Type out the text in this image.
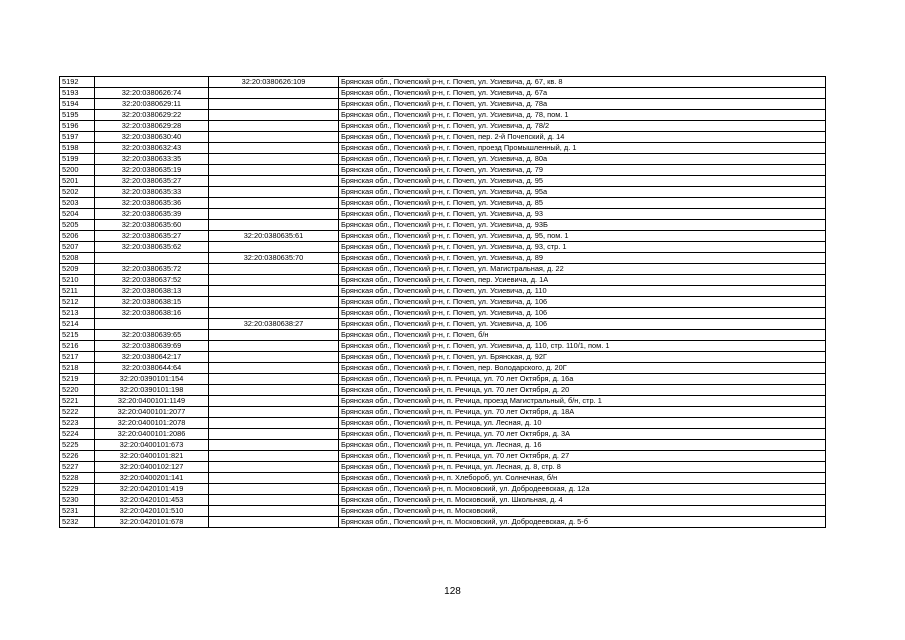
5192		32:20:0380626:109	Брянская обл., Почепский р-н, г. Почеп, ул. Усиевича, д. 67, кв. 8
5193	32:20:0380626:74		Брянская обл., Почепский р-н, г. Почеп, ул. Усиевича, д. 67а
5194	32:20:0380629:11		Брянская обл., Почепский р-н, г. Почеп, ул. Усиевича, д. 78а
5195	32:20:0380629:22		Брянская обл., Почепский р-н, г. Почеп, ул. Усиевича, д. 78, пом. 1
5196	32:20:0380629:28		Брянская обл., Почепский р-н, г. Почеп, ул. Усиевича, д. 78/2
5197	32:20:0380630:40		Брянская обл., Почепский р-н, г. Почеп, пер. 2-й Почепский, д. 14
5198	32:20:0380632:43		Брянская обл., Почепский р-н, г. Почеп, проезд Промышленный, д. 1
5199	32:20:0380633:35		Брянская обл., Почепский р-н, г. Почеп, ул. Усиевича, д. 80а
5200	32:20:0380635:19		Брянская обл., Почепский р-н, г. Почеп, ул. Усиевича, д. 79
5201	32:20:0380635:27		Брянская обл., Почепский р-н, г. Почеп, ул. Усиевича, д. 95
5202	32:20:0380635:33		Брянская обл., Почепский р-н, г. Почеп, ул. Усиевича, д. 95а
5203	32:20:0380635:36		Брянская обл., Почепский р-н, г. Почеп, ул. Усиевича, д. 85
5204	32:20:0380635:39		Брянская обл., Почепский р-н, г. Почеп, ул. Усиевича, д. 93
5205	32:20:0380635:60		Брянская обл., Почепский р-н, г. Почеп, ул. Усиевича, д. 93Б
5206	32:20:0380635:27	32:20:0380635:61	Брянская обл., Почепский р-н, г. Почеп, ул. Усиевича, д. 95, пом. 1
5207	32:20:0380635:62		Брянская обл., Почепский р-н, г. Почеп, ул. Усиевича, д. 93, стр. 1
5208		32:20:0380635:70	Брянская обл., Почепский р-н, г. Почеп, ул. Усиевича, д. 89
5209	32:20:0380635:72		Брянская обл., Почепский р-н, г. Почеп, ул. Магистральная, д. 22
5210	32:20:0380637:52		Брянская обл., Почепский р-н, г. Почеп, пер. Усиевича, д. 1А
5211	32:20:0380638:13		Брянская обл., Почепский р-н, г. Почеп, ул. Усиевича, д. 110
5212	32:20:0380638:15		Брянская обл., Почепский р-н, г. Почеп, ул. Усиевича, д. 106
5213	32:20:0380638:16		Брянская обл., Почепский р-н, г. Почеп, ул. Усиевича, д. 106
5214		32:20:0380638:27	Брянская обл., Почепский р-н, г. Почеп, ул. Усиевича, д. 106
5215	32:20:0380639:65		Брянская обл., Почепский р-н, г. Почеп, б/н
5216	32:20:0380639:69		Брянская обл., Почепский р-н, г. Почеп, ул. Усиевича, д. 110, стр. 110/1, пом. 1
5217	32:20:0380642:17		Брянская обл., Почепский р-н, г. Почеп, ул. Брянская, д. 92Г
5218	32:20:0380644:64		Брянская обл., Почепский р-н, г. Почеп, пер. Володарского, д. 20Г
5219	32:20:0390101:154		Брянская обл., Почепский р-н, п. Речица, ул. 70 лет Октября, д. 16а
5220	32:20:0390101:198		Брянская обл., Почепский р-н, п. Речица, ул. 70 лет Октября, д. 20
5221	32:20:0400101:1149		Брянская обл., Почепский р-н, п. Речица, проезд Магистральный, б/н, стр. 1
5222	32:20:0400101:2077		Брянская обл., Почепский р-н, п. Речица, ул. 70 лет Октября, д. 18А
5223	32:20:0400101:2078		Брянская обл., Почепский р-н, п. Речица, ул. Лесная, д. 10
5224	32:20:0400101:2086		Брянская обл., Почепский р-н, п. Речица, ул. 70 лет Октября, д. 3А
5225	32:20:0400101:673		Брянская обл., Почепский р-н, п. Речица, ул. Лесная, д. 16
5226	32:20:0400101:821		Брянская обл., Почепский р-н, п. Речица, ул. 70 лет Октября, д. 27
5227	32:20:0400102:127		Брянская обл., Почепский р-н, п. Речица, ул. Лесная, д. 8, стр. 8
5228	32:20:0400201:141		Брянская обл., Почепский р-н, п. Хлебороб, ул. Солнечная, б/н
5229	32:20:0420101:419		Брянская обл., Почепский р-н, п. Московский, ул. Добродеевская, д. 12а
5230	32:20:0420101:453		Брянская обл., Почепский р-н, п. Московский, ул. Школьная, д. 4
5231	32:20:0420101:510		Брянская обл., Почепский р-н, п. Московский,
5232	32:20:0420101:678		Брянская обл., Почепский р-н, п. Московский, ул. Добродеевская, д. 5-б
128
